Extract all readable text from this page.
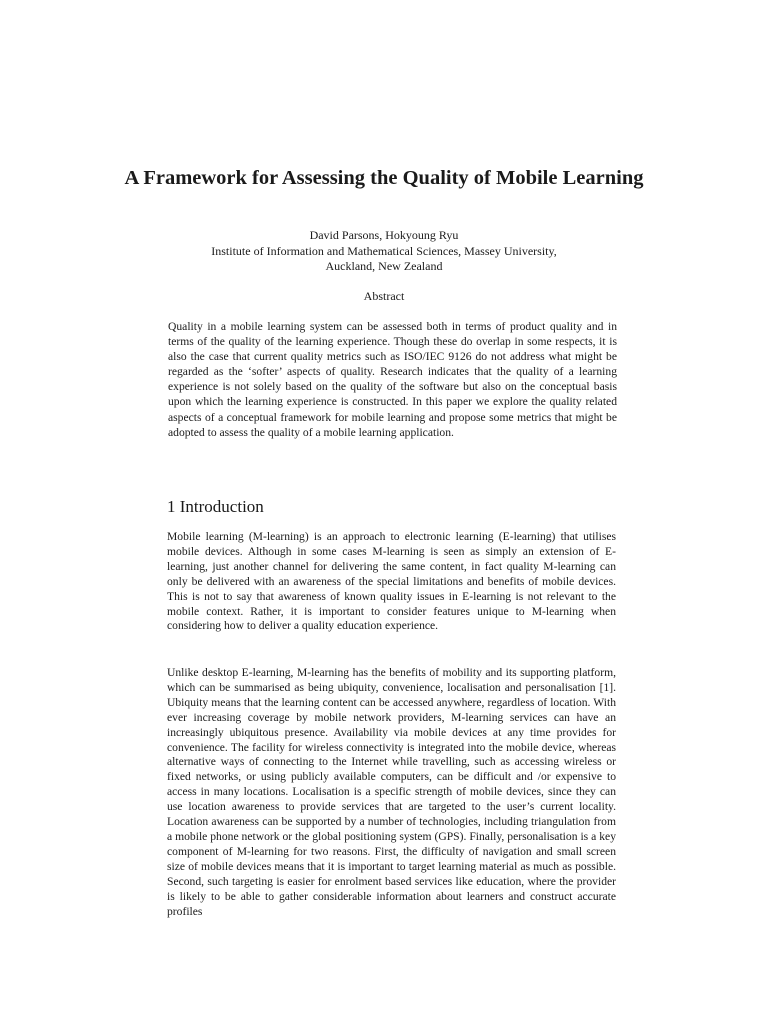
A Framework for Assessing the Quality of Mobile Learning
David Parsons, Hokyoung Ryu
Institute of Information and Mathematical Sciences, Massey University,
Auckland, New Zealand
Abstract

Quality in a mobile learning system can be assessed both in terms of product quality and in terms of the quality of the learning experience. Though these do overlap in some respects, it is also the case that current quality metrics such as ISO/IEC 9126 do not address what might be regarded as the ‘softer’ aspects of quality. Research indicates that the quality of a learning experience is not solely based on the quality of the software but also on the conceptual basis upon which the learning experience is constructed. In this paper we explore the quality related aspects of a conceptual framework for mobile learning and propose some metrics that might be adopted to assess the quality of a mobile learning application.

1 Introduction

Mobile learning (M-learning) is an approach to electronic learning (E-learning) that utilises mobile devices. Although in some cases M-learning is seen as simply an extension of E-learning, just another channel for delivering the same content, in fact quality M-learning can only be delivered with an awareness of the special limitations and benefits of mobile devices. This is not to say that awareness of known quality issues in E-learning is not relevant to the mobile context. Rather, it is important to consider features unique to M-learning when considering how to deliver a quality education experience.

Unlike desktop E-learning, M-learning has the benefits of mobility and its supporting platform, which can be summarised as being ubiquity, convenience, localisation and personalisation [1]. Ubiquity means that the learning content can be accessed anywhere, regardless of location. With ever increasing coverage by mobile network providers, M-learning services can have an increasingly ubiquitous presence. Availability via mobile devices at any time provides for convenience. The facility for wireless connectivity is integrated into the mobile device, whereas alternative ways of connecting to the Internet while travelling, such as accessing wireless or fixed networks, or using publicly available computers, can be difficult and /or expensive to access in many locations. Localisation is a specific strength of mobile devices, since they can use location awareness to provide services that are targeted to the user’s current locality. Location awareness can be supported by a number of technologies, including triangulation from a mobile phone network or the global positioning system (GPS). Finally, personalisation is a key component of M-learning for two reasons. First, the difficulty of navigation and small screen size of mobile devices means that it is important to target learning material as much as possible. Second, such targeting is easier for enrolment based services like education, where the provider is likely to be able to gather considerable information about learners and construct accurate profiles
